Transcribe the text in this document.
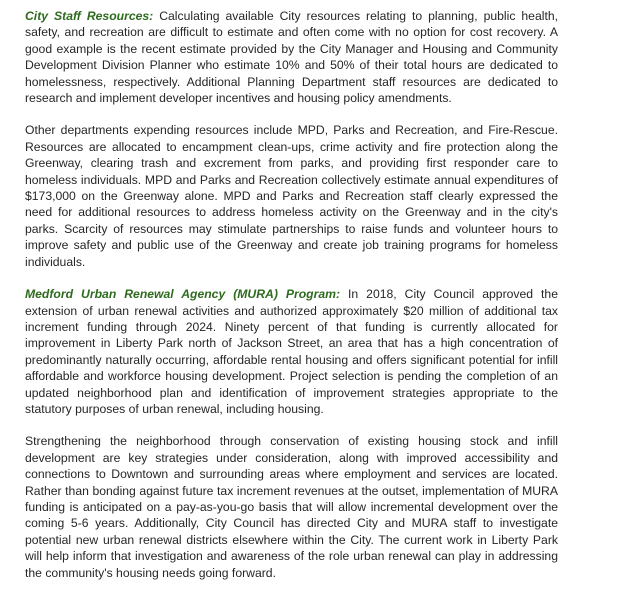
City Staff Resources: Calculating available City resources relating to planning, public health, safety, and recreation are difficult to estimate and often come with no option for cost recovery. A good example is the recent estimate provided by the City Manager and Housing and Community Development Division Planner who estimate 10% and 50% of their total hours are dedicated to homelessness, respectively. Additional Planning Department staff resources are dedicated to research and implement developer incentives and housing policy amendments.

Other departments expending resources include MPD, Parks and Recreation, and Fire-Rescue. Resources are allocated to encampment clean-ups, crime activity and fire protection along the Greenway, clearing trash and excrement from parks, and providing first responder care to homeless individuals. MPD and Parks and Recreation collectively estimate annual expenditures of $173,000 on the Greenway alone. MPD and Parks and Recreation staff clearly expressed the need for additional resources to address homeless activity on the Greenway and in the city's parks. Scarcity of resources may stimulate partnerships to raise funds and volunteer hours to improve safety and public use of the Greenway and create job training programs for homeless individuals.

Medford Urban Renewal Agency (MURA) Program: In 2018, City Council approved the extension of urban renewal activities and authorized approximately $20 million of additional tax increment funding through 2024. Ninety percent of that funding is currently allocated for improvement in Liberty Park north of Jackson Street, an area that has a high concentration of predominantly naturally occurring, affordable rental housing and offers significant potential for infill affordable and workforce housing development. Project selection is pending the completion of an updated neighborhood plan and identification of improvement strategies appropriate to the statutory purposes of urban renewal, including housing.

Strengthening the neighborhood through conservation of existing housing stock and infill development are key strategies under consideration, along with improved accessibility and connections to Downtown and surrounding areas where employment and services are located. Rather than bonding against future tax increment revenues at the outset, implementation of MURA funding is anticipated on a pay-as-you-go basis that will allow incremental development over the coming 5-6 years. Additionally, City Council has directed City and MURA staff to investigate potential new urban renewal districts elsewhere within the City. The current work in Liberty Park will help inform that investigation and awareness of the role urban renewal can play in addressing the community's housing needs going forward.
